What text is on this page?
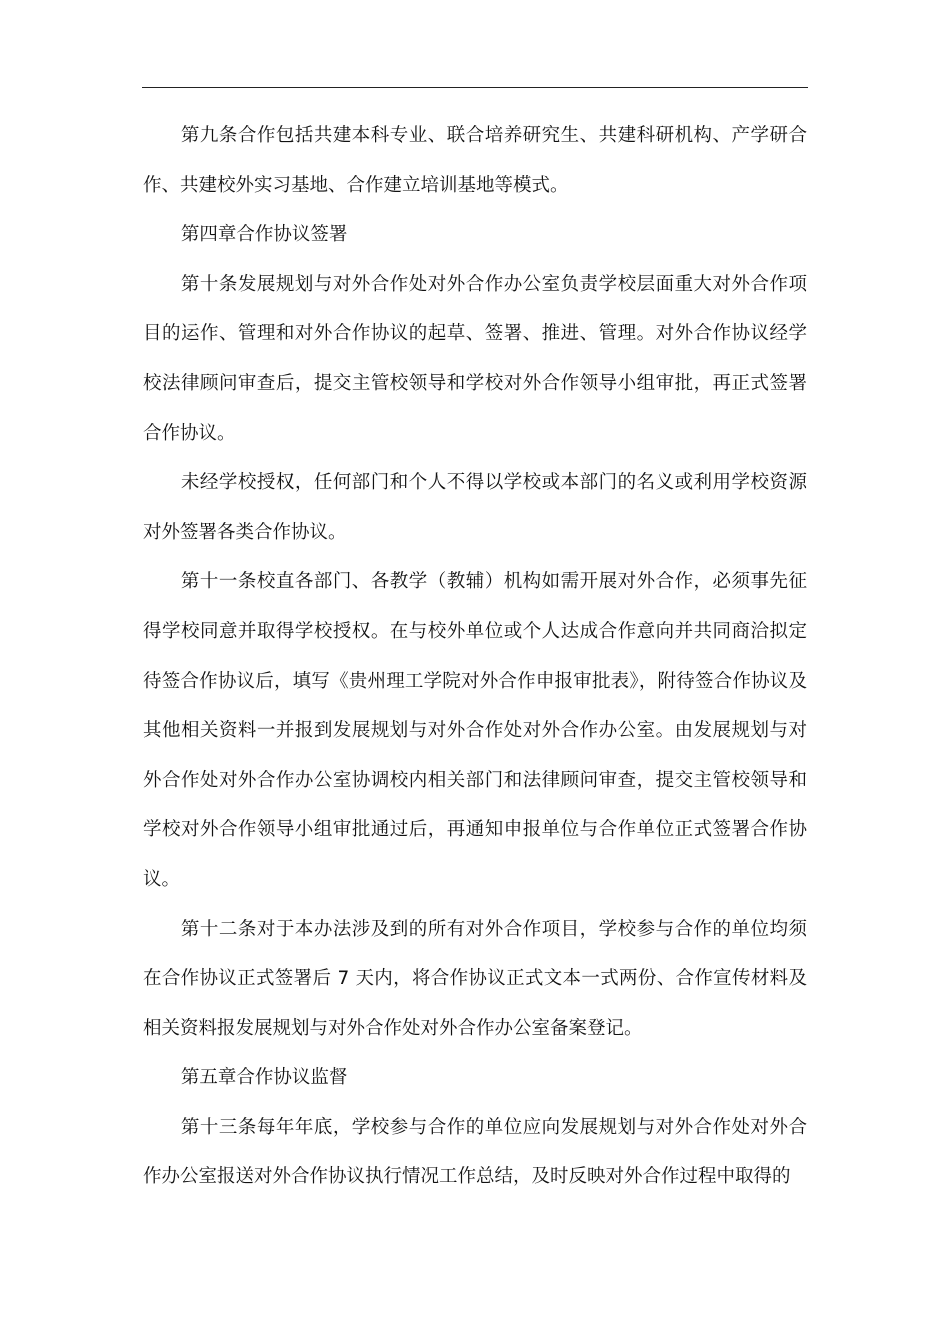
第九条合作包括共建本科专业、联合培养研究生、共建科研机构、产学研合作、共建校外实习基地、合作建立培训基地等模式。

第四章合作协议签署

第十条发展规划与对外合作处对外合作办公室负责学校层面重大对外合作项目的运作、管理和对外合作协议的起草、签署、推进、管理。对外合作协议经学校法律顾问审查后，提交主管校领导和学校对外合作领导小组审批，再正式签署合作协议。

未经学校授权，任何部门和个人不得以学校或本部门的名义或利用学校资源对外签署各类合作协议。

第十一条校直各部门、各教学（教辅）机构如需开展对外合作，必须事先征得学校同意并取得学校授权。在与校外单位或个人达成合作意向并共同商洽拟定待签合作协议后，填写《贵州理工学院对外合作申报审批表》，附待签合作协议及其他相关资料一并报到发展规划与对外合作处对外合作办公室。由发展规划与对外合作处对外合作办公室协调校内相关部门和法律顾问审查，提交主管校领导和学校对外合作领导小组审批通过后，再通知申报单位与合作单位正式签署合作协议。

第十二条对于本办法涉及到的所有对外合作项目，学校参与合作的单位均须在合作协议正式签署后 7 天内，将合作协议正式文本一式两份、合作宣传材料及相关资料报发展规划与对外合作处对外合作办公室备案登记。

第五章合作协议监督

第十三条每年年底，学校参与合作的单位应向发展规划与对外合作处对外合作办公室报送对外合作协议执行情况工作总结，及时反映对外合作过程中取得的
